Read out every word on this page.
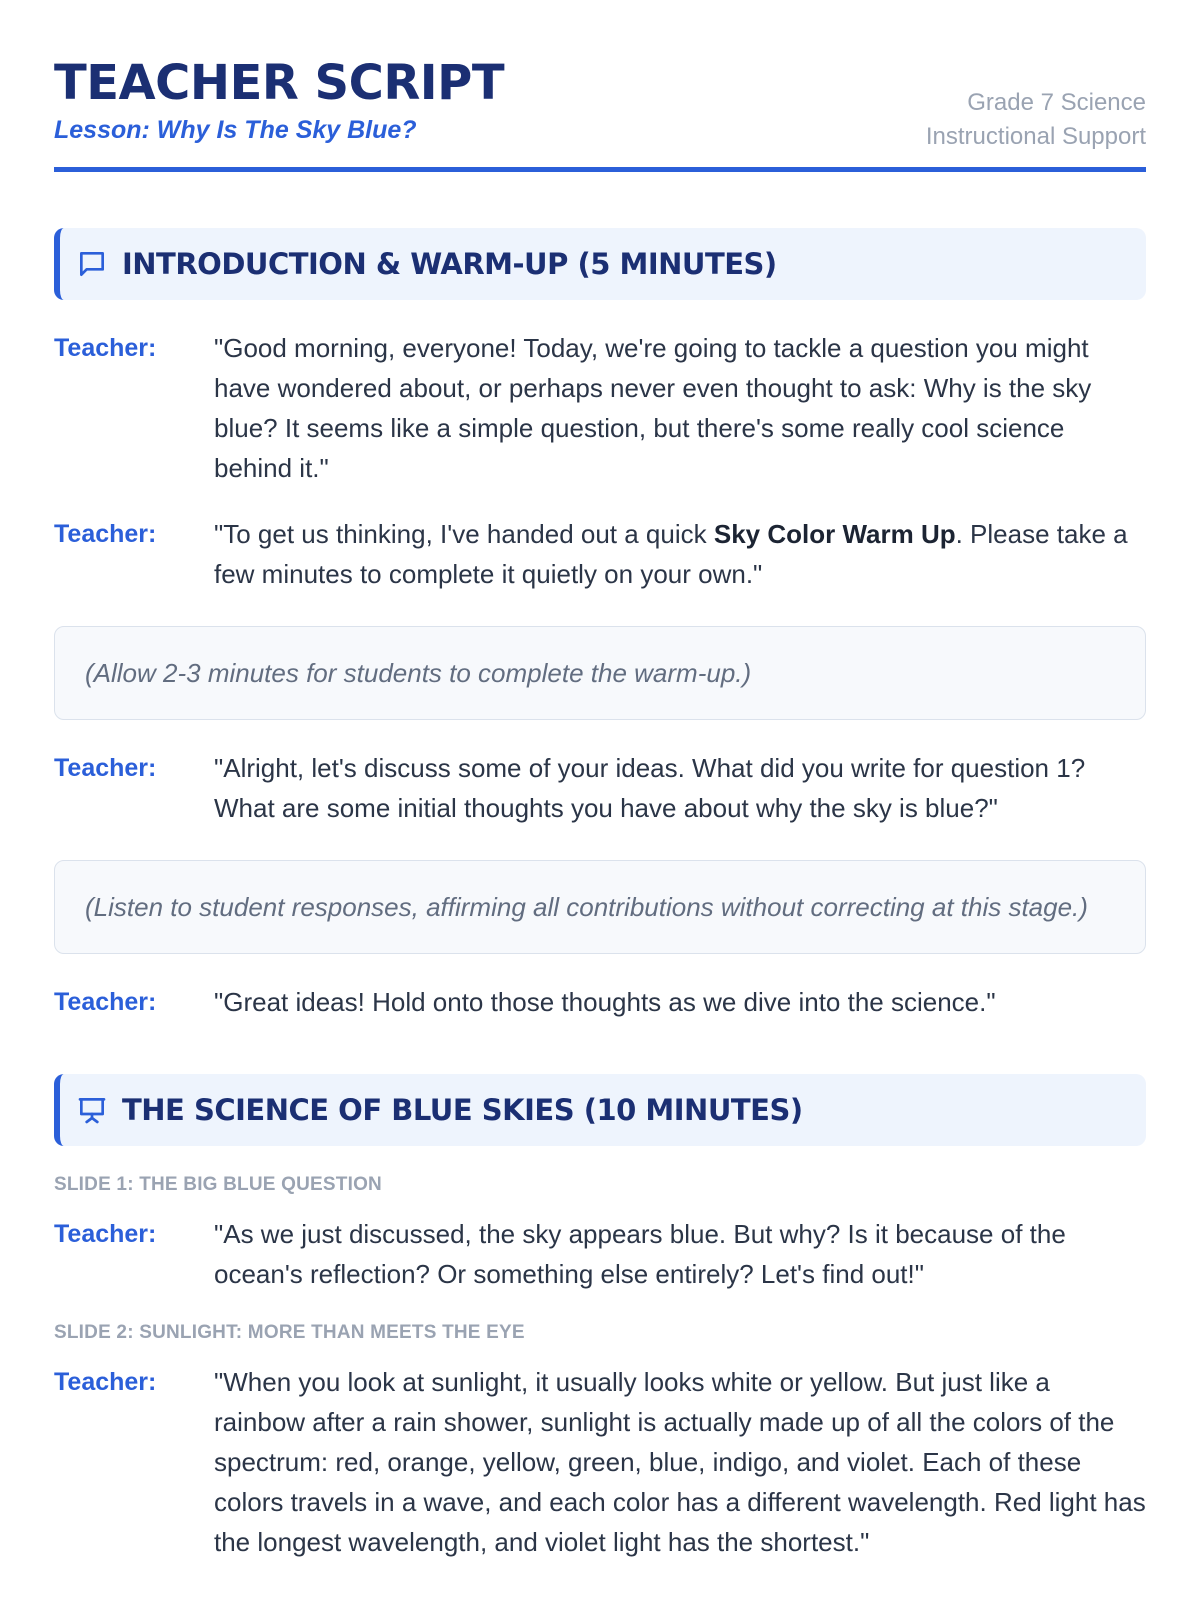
TEACHER SCRIPT
Lesson: Why Is The Sky Blue?
Grade 7 Science
Instructional Support
INTRODUCTION & WARM-UP (5 MINUTES)
Teacher:	"Good morning, everyone! Today, we're going to tackle a question you might have wondered about, or perhaps never even thought to ask: Why is the sky blue? It seems like a simple question, but there's some really cool science behind it."
Teacher:	"To get us thinking, I've handed out a quick Sky Color Warm Up. Please take a few minutes to complete it quietly on your own."
(Allow 2-3 minutes for students to complete the warm-up.)
Teacher:	"Alright, let's discuss some of your ideas. What did you write for question 1? What are some initial thoughts you have about why the sky is blue?"
(Listen to student responses, affirming all contributions without correcting at this stage.)
Teacher:	"Great ideas! Hold onto those thoughts as we dive into the science."
THE SCIENCE OF BLUE SKIES (10 MINUTES)
SLIDE 1: THE BIG BLUE QUESTION
Teacher:	"As we just discussed, the sky appears blue. But why? Is it because of the ocean's reflection? Or something else entirely? Let's find out!"
SLIDE 2: SUNLIGHT: MORE THAN MEETS THE EYE
Teacher:	"When you look at sunlight, it usually looks white or yellow. But just like a rainbow after a rain shower, sunlight is actually made up of all the colors of the spectrum: red, orange, yellow, green, blue, indigo, and violet. Each of these colors travels in a wave, and each color has a different wavelength. Red light has the longest wavelength, and violet light has the shortest."
